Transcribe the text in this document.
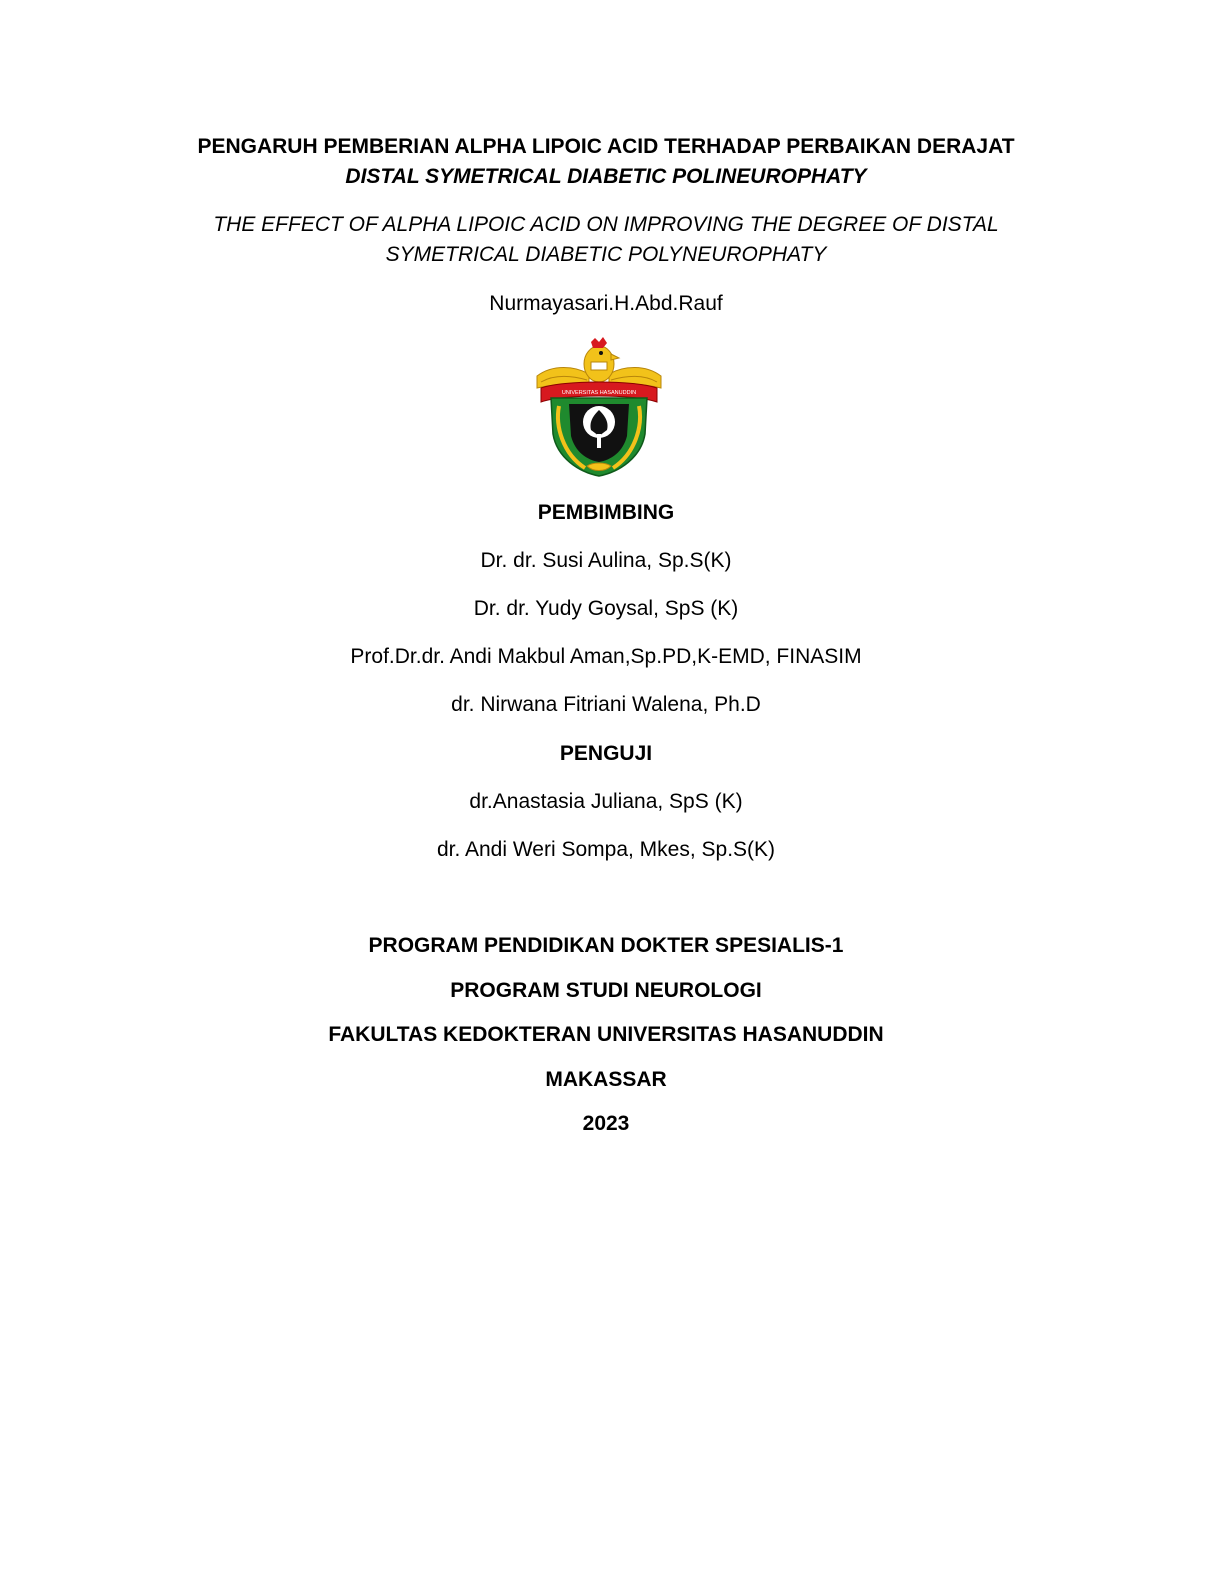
PENGARUH PEMBERIAN ALPHA LIPOIC ACID TERHADAP PERBAIKAN DERAJAT
DISTAL SYMETRICAL DIABETIC POLINEUROPHATY
THE EFFECT OF ALPHA LIPOIC ACID ON IMPROVING THE DEGREE OF DISTAL
SYMETRICAL DIABETIC POLYNEUROPHATY
Nurmayasari.H.Abd.Rauf
UNIVERSITAS HASANUDDIN
PEMBIMBING
Dr. dr. Susi Aulina, Sp.S(K)
Dr. dr. Yudy Goysal, SpS (K)
Prof.Dr.dr. Andi Makbul Aman,Sp.PD,K-EMD, FINASIM
dr. Nirwana Fitriani Walena, Ph.D
PENGUJI
dr.Anastasia Juliana, SpS (K)
dr. Andi Weri Sompa, Mkes, Sp.S(K)
PROGRAM PENDIDIKAN DOKTER SPESIALIS-1
PROGRAM STUDI NEUROLOGI
FAKULTAS KEDOKTERAN UNIVERSITAS HASANUDDIN
MAKASSAR
2023
